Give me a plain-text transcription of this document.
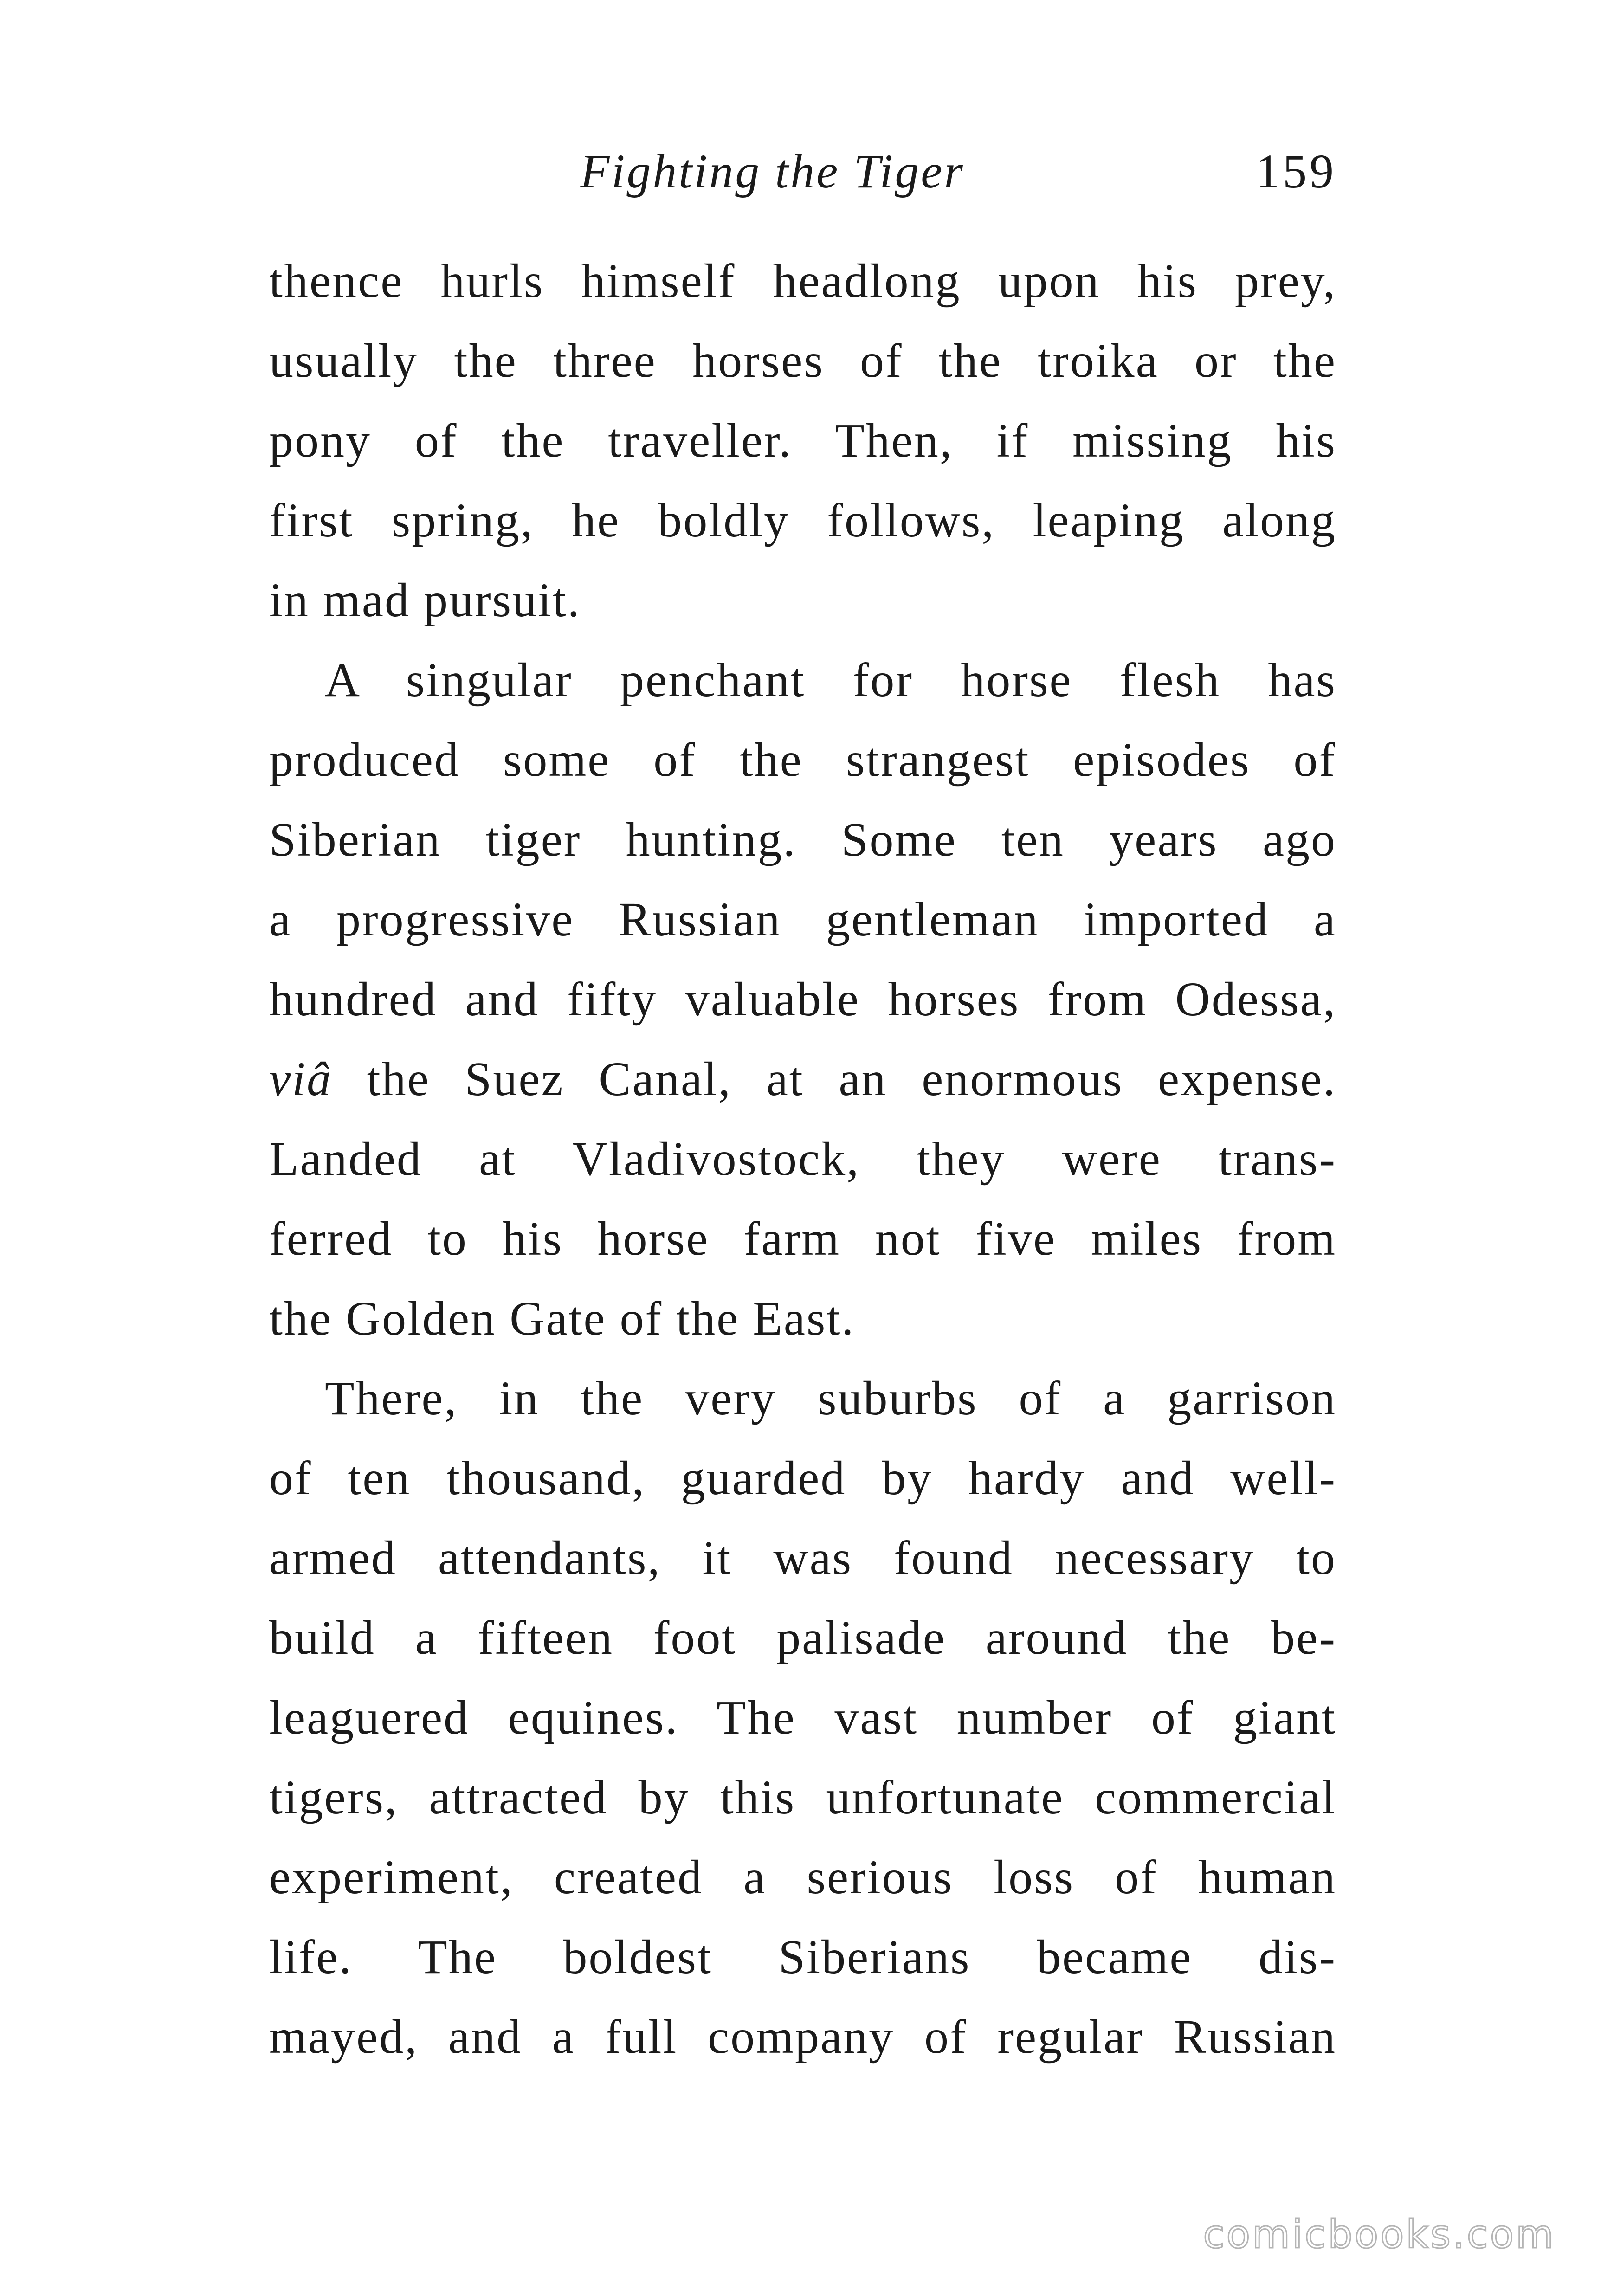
Fighting the Tiger	159
thence hurls himself headlong upon his prey,
usually the three horses of the troika or the
pony of the traveller. Then, if missing his
first spring, he boldly follows, leaping along
in mad pursuit.
A singular penchant for horse flesh has
produced some of the strangest episodes of
Siberian tiger hunting. Some ten years ago
a progressive Russian gentleman imported a
hundred and fifty valuable horses from Odessa,
viâ the Suez Canal, at an enormous expense.
Landed at Vladivostock, they were trans-
ferred to his horse farm not five miles from
the Golden Gate of the East.
There, in the very suburbs of a garrison
of ten thousand, guarded by hardy and well-
armed attendants, it was found necessary to
build a fifteen foot palisade around the be-
leaguered equines. The vast number of giant
tigers, attracted by this unfortunate commercial
experiment, created a serious loss of human
life. The boldest Siberians became dis-
mayed, and a full company of regular Russian
comicbooks.com
